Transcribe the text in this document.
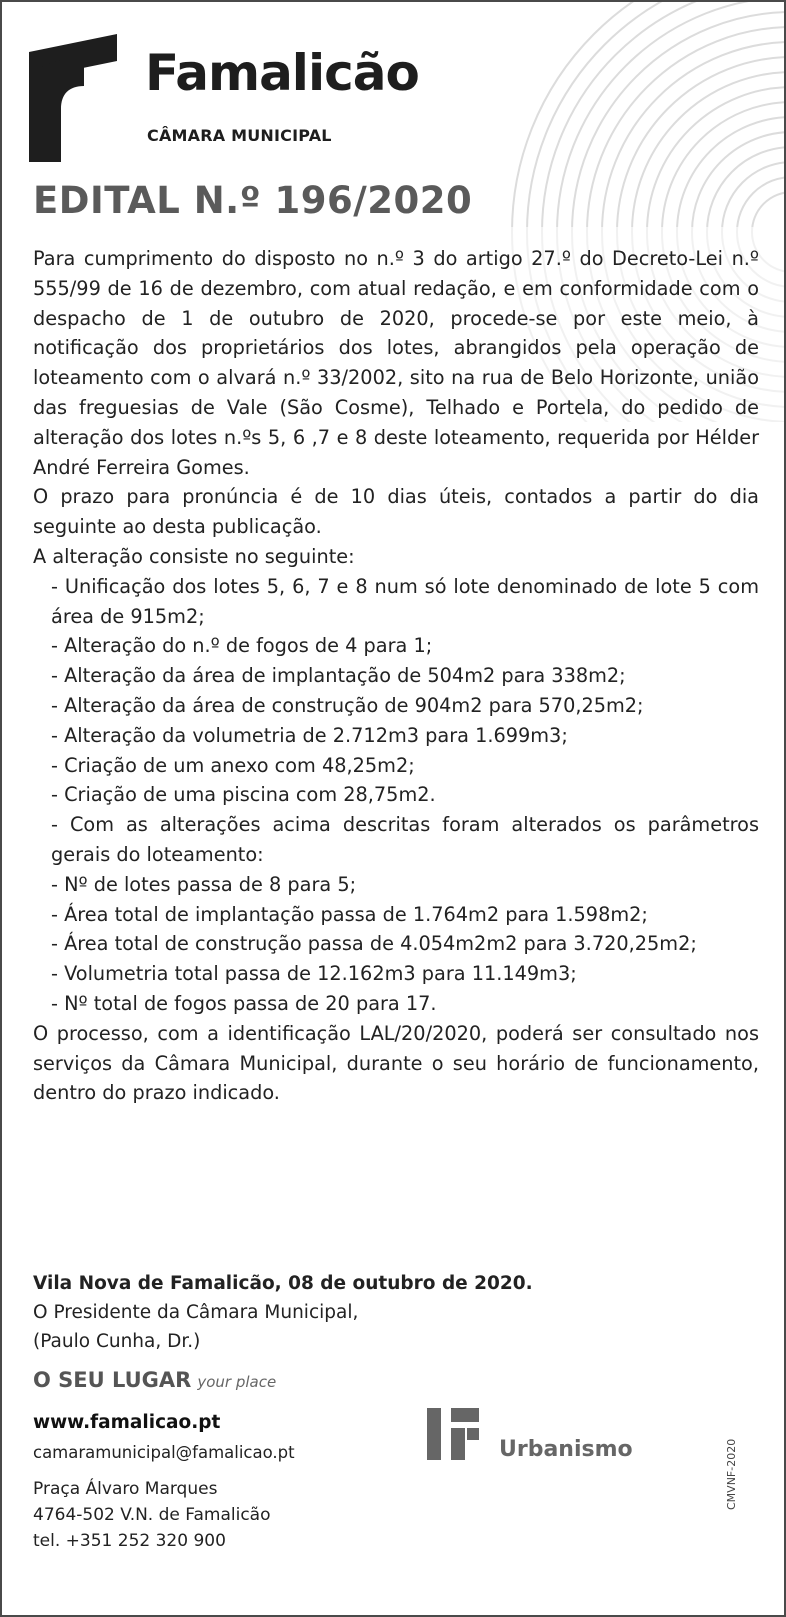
Famalicão
CÂMARA MUNICIPAL
EDITAL N.º 196/2020

Para cumprimento do disposto no n.º 3 do artigo 27.º do Decreto-Lei n.º 555/99 de 16 de dezembro, com atual redação, e em conformidade com o despacho de 1 de outubro de 2020, procede-se por este meio, à notificação dos proprietários dos lotes, abrangidos pela operação de loteamento com o alvará n.º 33/2002, sito na rua de Belo Horizonte, união das freguesias de Vale (São Cosme), Telhado e Portela, do pedido de alteração dos lotes n.ºs 5, 6 ,7 e 8 deste loteamento, requerida por Hélder André Ferreira Gomes.

O prazo para pronúncia é de 10 dias úteis, contados a partir do dia seguinte ao desta publicação.

A alteração consiste no seguinte:

- Unificação dos lotes 5, 6, 7 e 8 num só lote denominado de lote 5 com área de 915m2;

- Alteração do n.º de fogos de 4 para 1;

- Alteração da área de implantação de 504m2 para 338m2;

- Alteração da área de construção de 904m2 para 570,25m2;

- Alteração da volumetria de 2.712m3 para 1.699m3;

- Criação de um anexo com 48,25m2;

- Criação de uma piscina com 28,75m2.

- Com as alterações acima descritas foram alterados os parâmetros gerais do loteamento:

- Nº de lotes passa de 8 para 5;

- Área total de implantação passa de 1.764m2 para 1.598m2;

- Área total de construção passa de 4.054m2m2 para 3.720,25m2;

- Volumetria total passa de 12.162m3 para 11.149m3;

- Nº total de fogos passa de 20 para 17.

O processo, com a identificação LAL/20/2020, poderá ser consultado nos serviços da Câmara Municipal, durante o seu horário de funcionamento, dentro do prazo indicado.

Vila Nova de Famalicão, 08 de outubro de 2020.
O Presidente da Câmara Municipal,
(Paulo Cunha, Dr.)
O SEU LUGAR your place
www.famalicao.pt
camaramunicipal@famalicao.pt
Praça Álvaro Marques
4764-502 V.N. de Famalicão
tel. +351 252 320 900
Urbanismo	CMVNF-2020
